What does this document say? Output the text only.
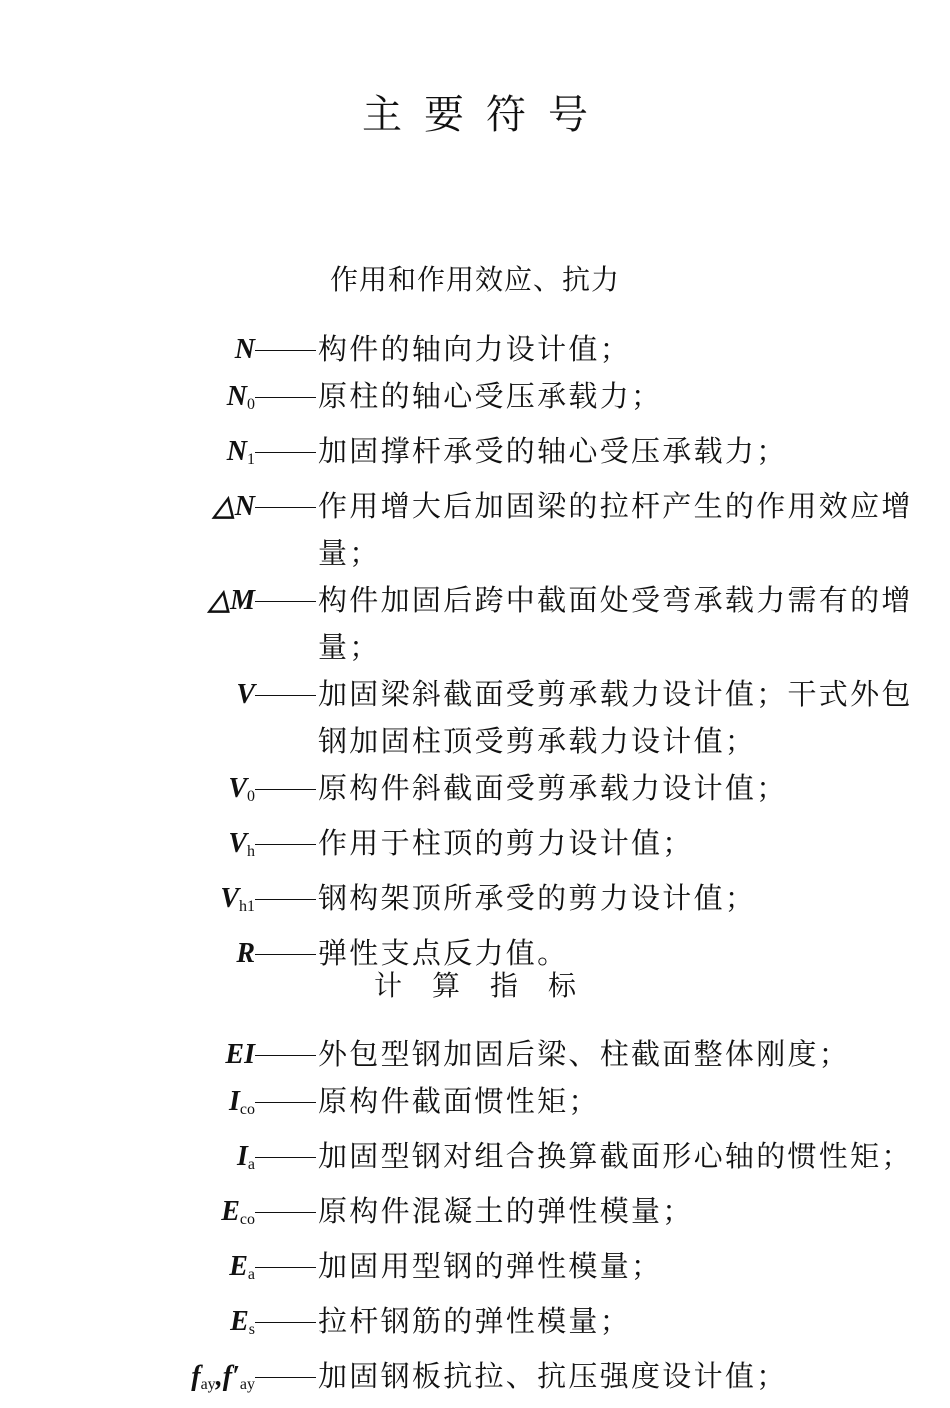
主要符号
作用和作用效应、抗力
N 构件的轴向力设计值；
$N_0$ 原柱的轴心受压承载力；
$N_1$ 加固撑杆承受的轴心受压承载力；
△N 作用增大后加固梁的拉杆产生的作用效应增量；
△M 构件加固后跨中截面处受弯承载力需有的增量；
V 加固梁斜截面受剪承载力设计值；干式外包钢加固柱顶受剪承载力设计值；
$V_0$ 原构件斜截面受剪承载力设计值；
$V_h$ 作用于柱顶的剪力设计值；
$V_{h1}$ 钢构架顶所承受的剪力设计值；
R 弹性支点反力值。
计算指标
EI 外包型钢加固后梁、柱截面整体刚度；
$I_{co}$ 原构件截面惯性矩；
$I_a$ 加固型钢对组合换算截面形心轴的惯性矩；
$E_{co}$ 原构件混凝土的弹性模量；
$E_a$ 加固用型钢的弹性模量；
$E_s$ 拉杆钢筋的弹性模量；
$f_{ay},f'_{ay}$ 加固钢板抗拉、抗压强度设计值；
